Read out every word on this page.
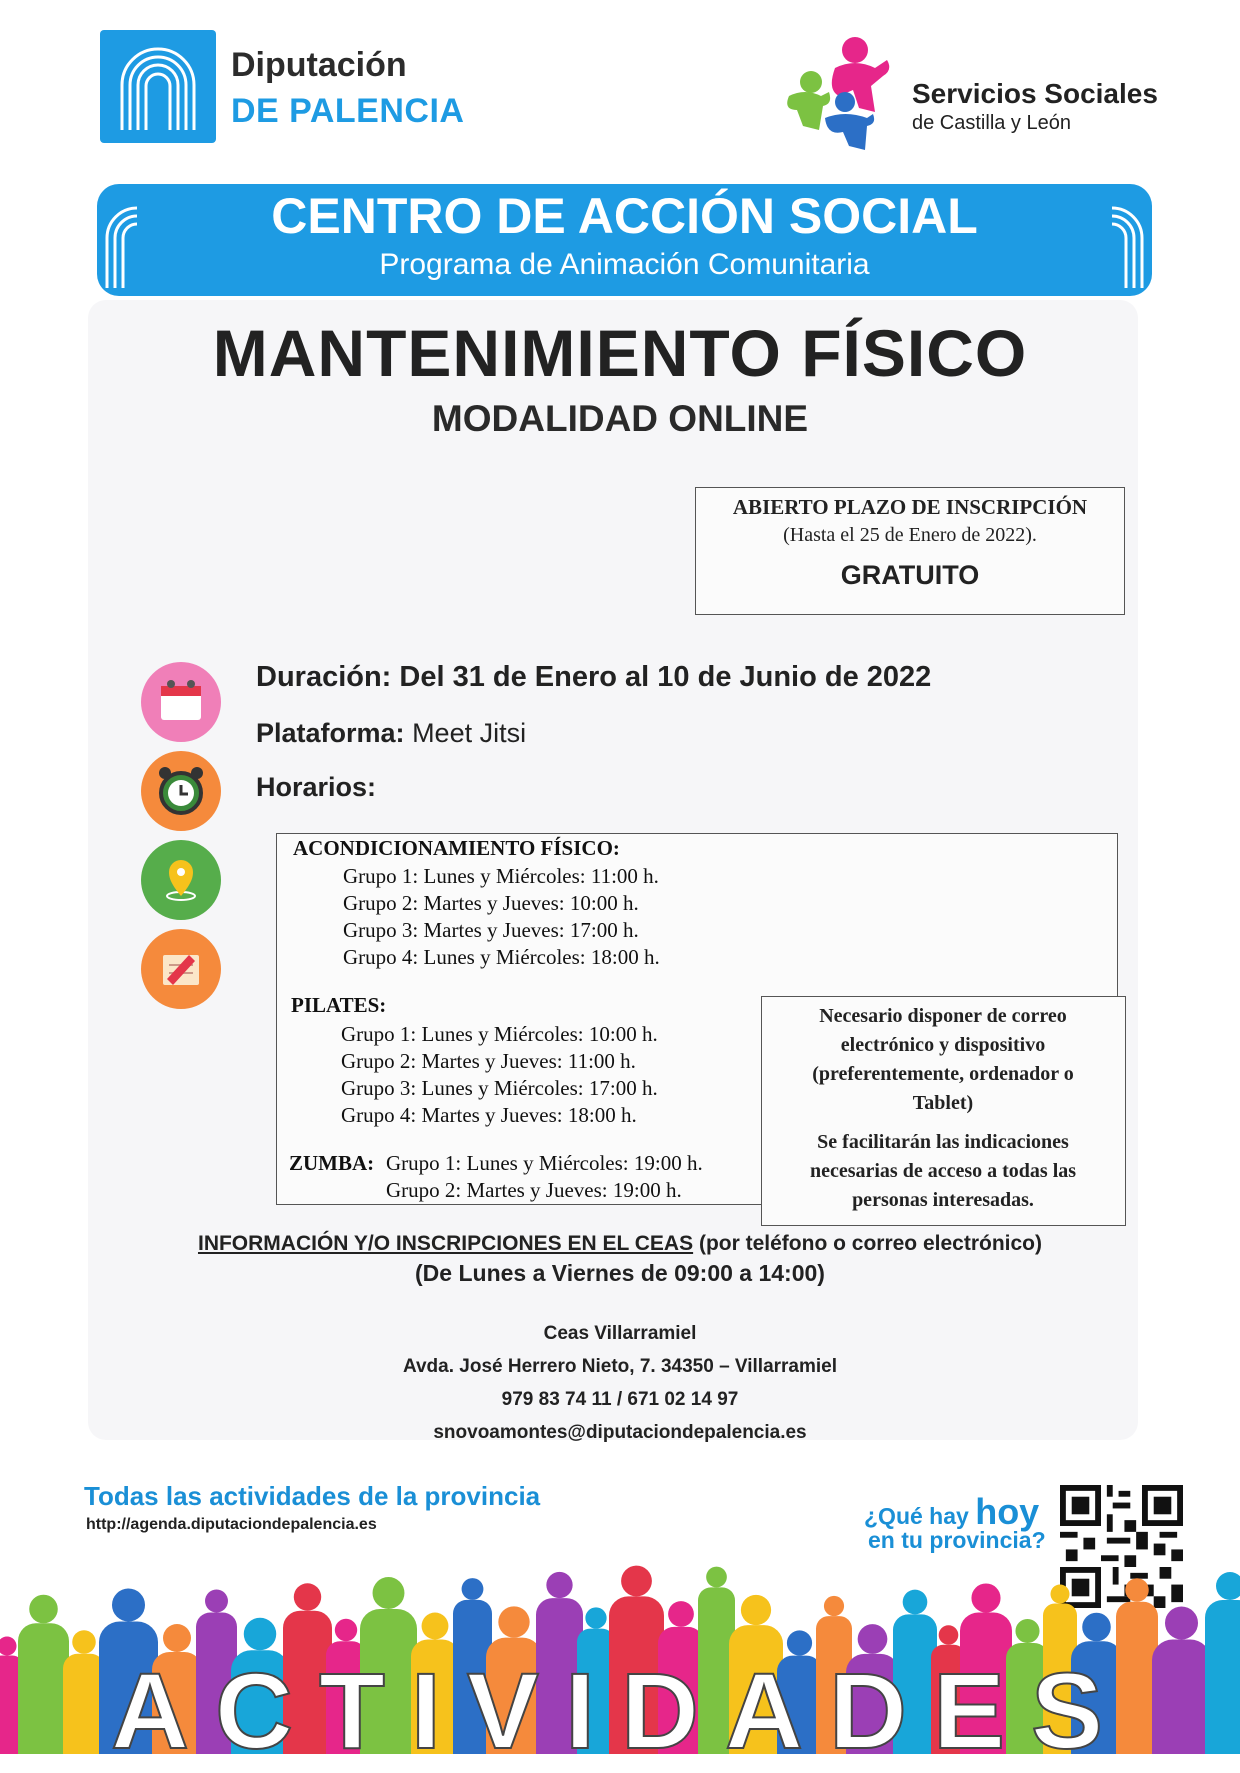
Diputación
DE PALENCIA	Servicios Sociales
de Castilla y León
CENTRO DE ACCIÓN SOCIAL
Programa de Animación Comunitaria
MANTENIMIENTO FÍSICO
MODALIDAD ONLINE
ABIERTO PLAZO DE INSCRIPCIÓN
(Hasta el 25 de Enero de 2022).
GRATUITO
Duración: Del 31 de Enero al 10 de Junio de 2022
Plataforma: Meet Jitsi
Horarios:
ACONDICIONAMIENTO FÍSICO:
Grupo 1: Lunes y Miércoles: 11:00 h.
Grupo 2: Martes y Jueves: 10:00 h.
Grupo 3: Martes y Jueves: 17:00 h.
Grupo 4: Lunes y Miércoles: 18:00 h.
PILATES:
Grupo 1: Lunes y Miércoles: 10:00 h.
Grupo 2: Martes y Jueves: 11:00 h.
Grupo 3: Lunes y Miércoles: 17:00 h.
Grupo 4: Martes y Jueves: 18:00 h.
ZUMBA: Grupo 1: Lunes y Miércoles: 19:00 h.
Grupo 2: Martes y Jueves: 19:00 h.
Necesario disponer de correo
electrónico y dispositivo
(preferentemente, ordenador o
Tablet)
Se facilitarán las indicaciones
necesarias de acceso a todas las
personas interesadas.
INFORMACIÓN Y/O INSCRIPCIONES EN EL CEAS (por teléfono o correo electrónico)
(De Lunes a Viernes de 09:00 a 14:00)
Ceas Villarramiel
Avda. José Herrero Nieto, 7. 34350 – Villarramiel
979 83 74 11 / 671 02 14 97
snovoamontes@diputaciondepalencia.es
Todas las actividades de la provincia
http://agenda.diputaciondepalencia.es	¿Qué hay hoy
en tu provincia?
ACTIVIDADES
